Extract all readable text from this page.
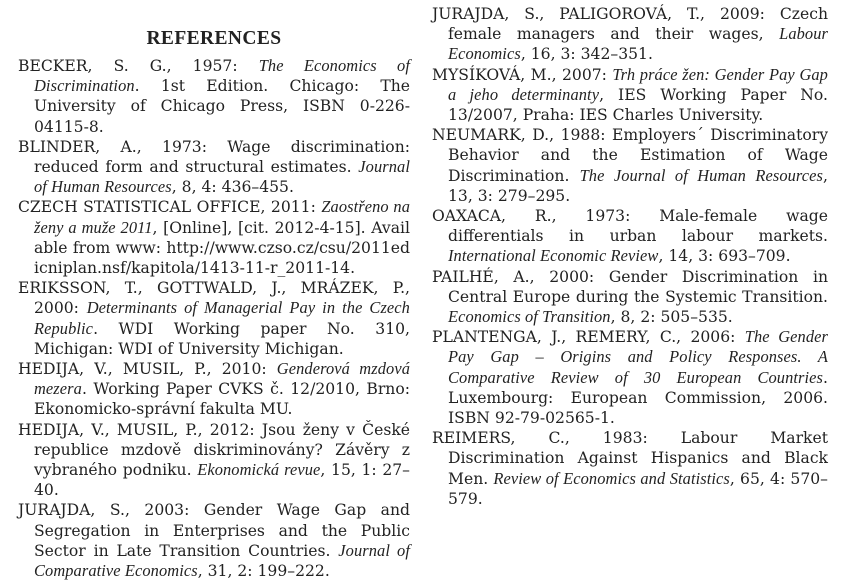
REFERENCES

BECKER, S. G., 1957: The Economics of Discrimination. 1st Edition. Chicago: The University of Chicago Press, ISBN 0-226-04115-8.

BLINDER, A., 1973: Wage discrimination: reduced form and structural estimates. Journal of Human Resources, 8, 4: 436–455.

CZECH STATISTICAL OFFICE, 2011: Zaostřeno na ženy a muže 2011, [Online], [cit. 2012-4-15]. Available from www: http://www.czso.cz/csu/2011edicniplan.nsf/kapitola/1413-11-r_2011-14.

ERIKSSON, T., GOTTWALD, J., MRÁZEK, P., 2000: Determinants of Managerial Pay in the Czech Republic. WDI Working paper No. 310, Michigan: WDI of University Michigan.

HEDIJA, V., MUSIL, P., 2010: Genderová mzdová mezera. Working Paper CVKS č. 12/2010, Brno: Ekonomicko-správní fakulta MU.

HEDIJA, V., MUSIL, P., 2012: Jsou ženy v České republice mzdově diskriminovány? Závěry z vybraného podniku. Ekonomická revue, 15, 1: 27–40.

JURAJDA, S., 2003: Gender Wage Gap and Segregation in Enterprises and the Public Sector in Late Transition Countries. Journal of Comparative Economics, 31, 2: 199–222.

JURAJDA, S., PALIGOROVÁ, T., 2009: Czech female managers and their wages, Labour Economics, 16, 3: 342–351.

MYSÍKOVÁ, M., 2007: Trh práce žen: Gender Pay Gap a jeho determinanty, IES Working Paper No. 13/2007, Praha: IES Charles University.

NEUMARK, D., 1988: Employers´ Discriminatory Behavior and the Estimation of Wage Discrimination. The Journal of Human Resources, 13, 3: 279–295.

OAXACA, R., 1973: Male-female wage differentials in urban labour markets. International Economic Review, 14, 3: 693–709.

PAILHÉ, A., 2000: Gender Discrimination in Central Europe during the Systemic Transition. Economics of Transition, 8, 2: 505–535.

PLANTENGA, J., REMERY, C., 2006: The Gender Pay Gap – Origins and Policy Responses. A Comparative Review of 30 European Countries. Luxembourg: European Commission, 2006. ISBN 92-79-02565-1.

REIMERS, C., 1983: Labour Market Discrimination Against Hispanics and Black Men. Review of Economics and Statistics, 65, 4: 570–579.
